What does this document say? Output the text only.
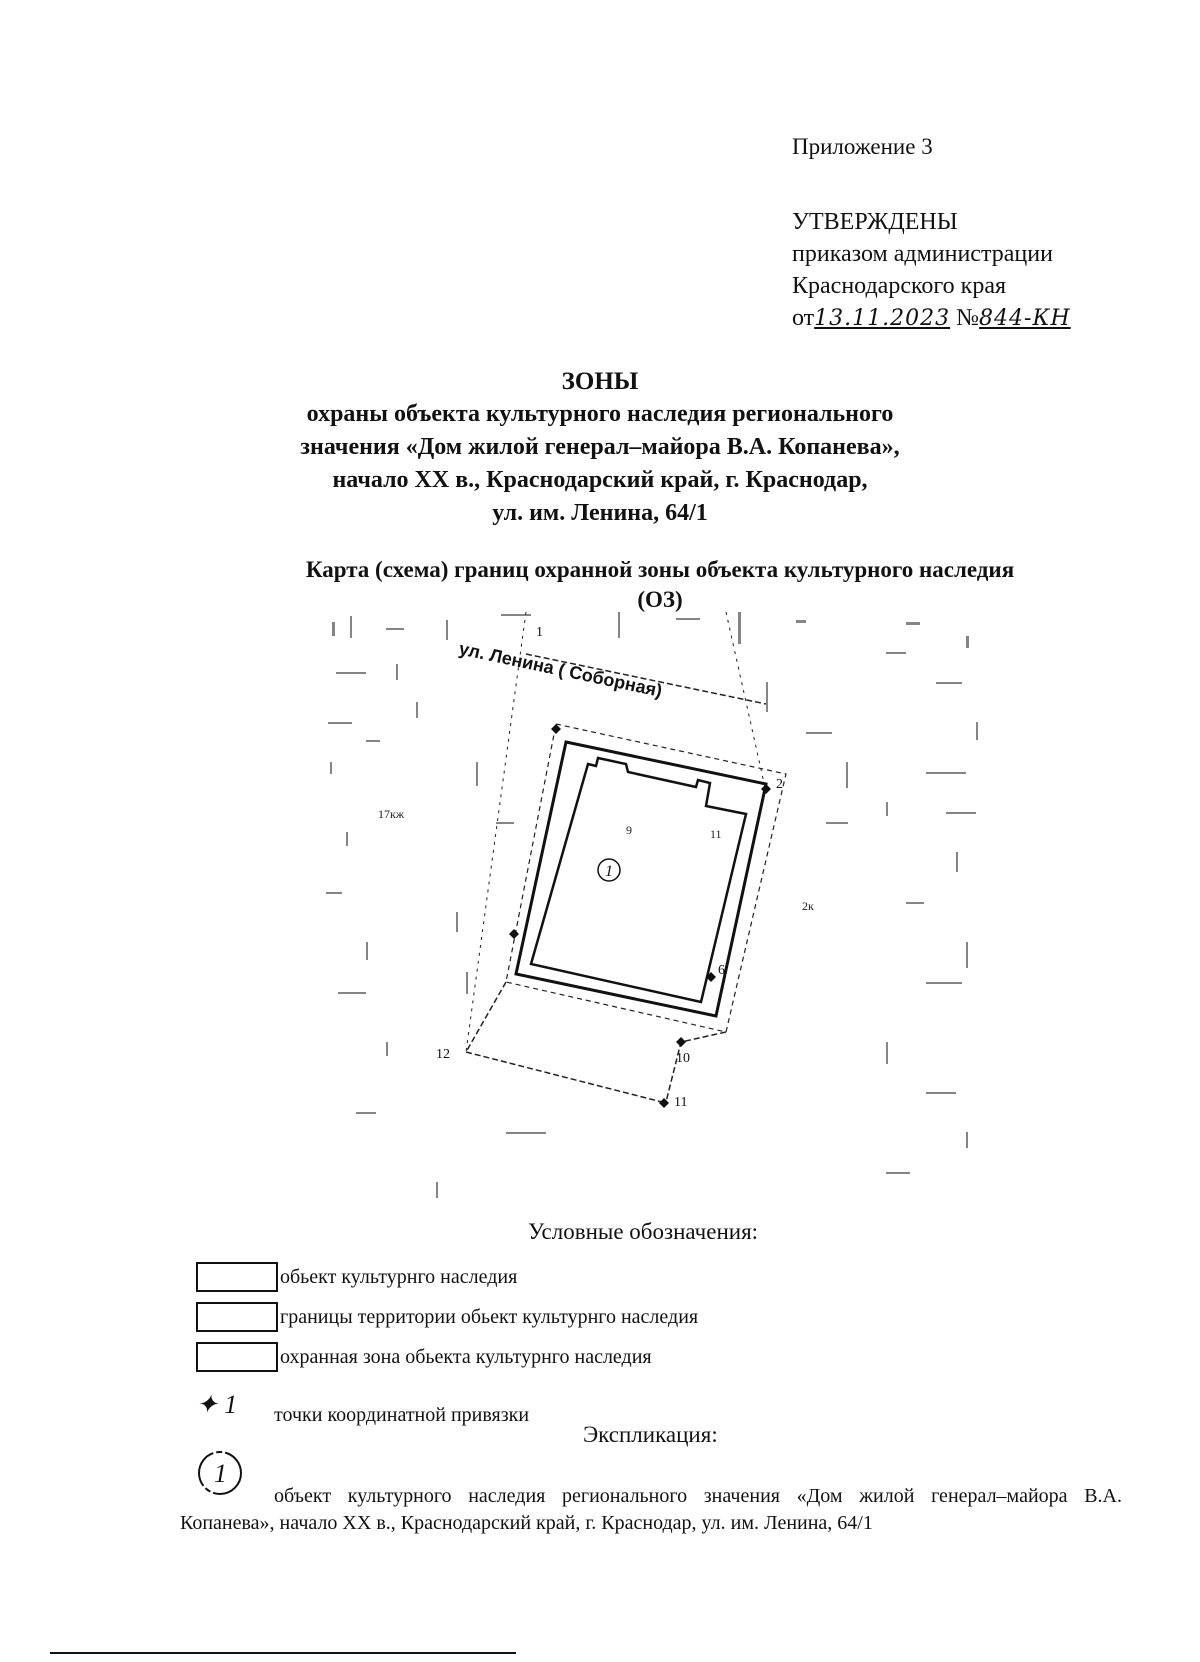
Приложение 3
УТВЕРЖДЕНЫ
приказом администрации
Краснодарского края
от13.11.2023 №844-КН
ЗОНЫ
охраны объекта культурного наследия регионального
значения «Дом жилой генерал–майора В.А. Копанева»,
начало XX в., Краснодарский край, г. Краснодар,
ул. им. Ленина, 64/1
Карта (схема) границ охранной зоны объекта культурного наследия
(ОЗ)
ул. Ленина ( Соборная)
1
1
2
6
10
11
12
17кж
2к
9	11
Условные обозначения:
обьект культурнго наследия
границы территории обьект культурнго наследия
охранная зона обьекта культурнго наследия
✦ 1 точки координатной привязки
Экспликация:
1
объект культурного наследия регионального значения «Дом жилой генерал–майора В.А. Копанева», начало XX в., Краснодарский край, г. Краснодар, ул. им. Ленина, 64/1
